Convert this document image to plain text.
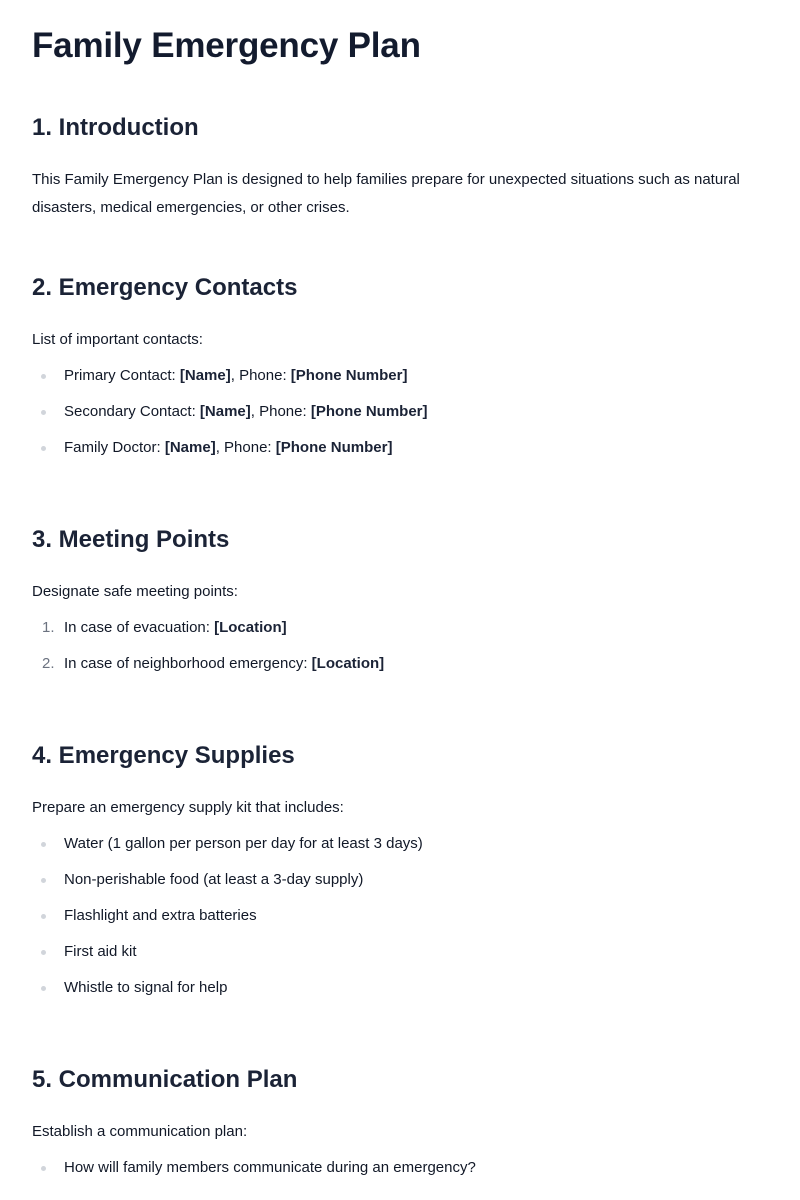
Family Emergency Plan
1. Introduction

This Family Emergency Plan is designed to help families prepare for unexpected situations such as natural disasters, medical emergencies, or other crises.

2. Emergency Contacts

List of important contacts:

Primary Contact: [Name], Phone: [Phone Number]
Secondary Contact: [Name], Phone: [Phone Number]
Family Doctor: [Name], Phone: [Phone Number]
3. Meeting Points

Designate safe meeting points:

1. In case of evacuation: [Location]
2. In case of neighborhood emergency: [Location]
4. Emergency Supplies

Prepare an emergency supply kit that includes:

Water (1 gallon per person per day for at least 3 days)
Non-perishable food (at least a 3-day supply)
Flashlight and extra batteries
First aid kit
Whistle to signal for help
5. Communication Plan

Establish a communication plan:

How will family members communicate during an emergency?
